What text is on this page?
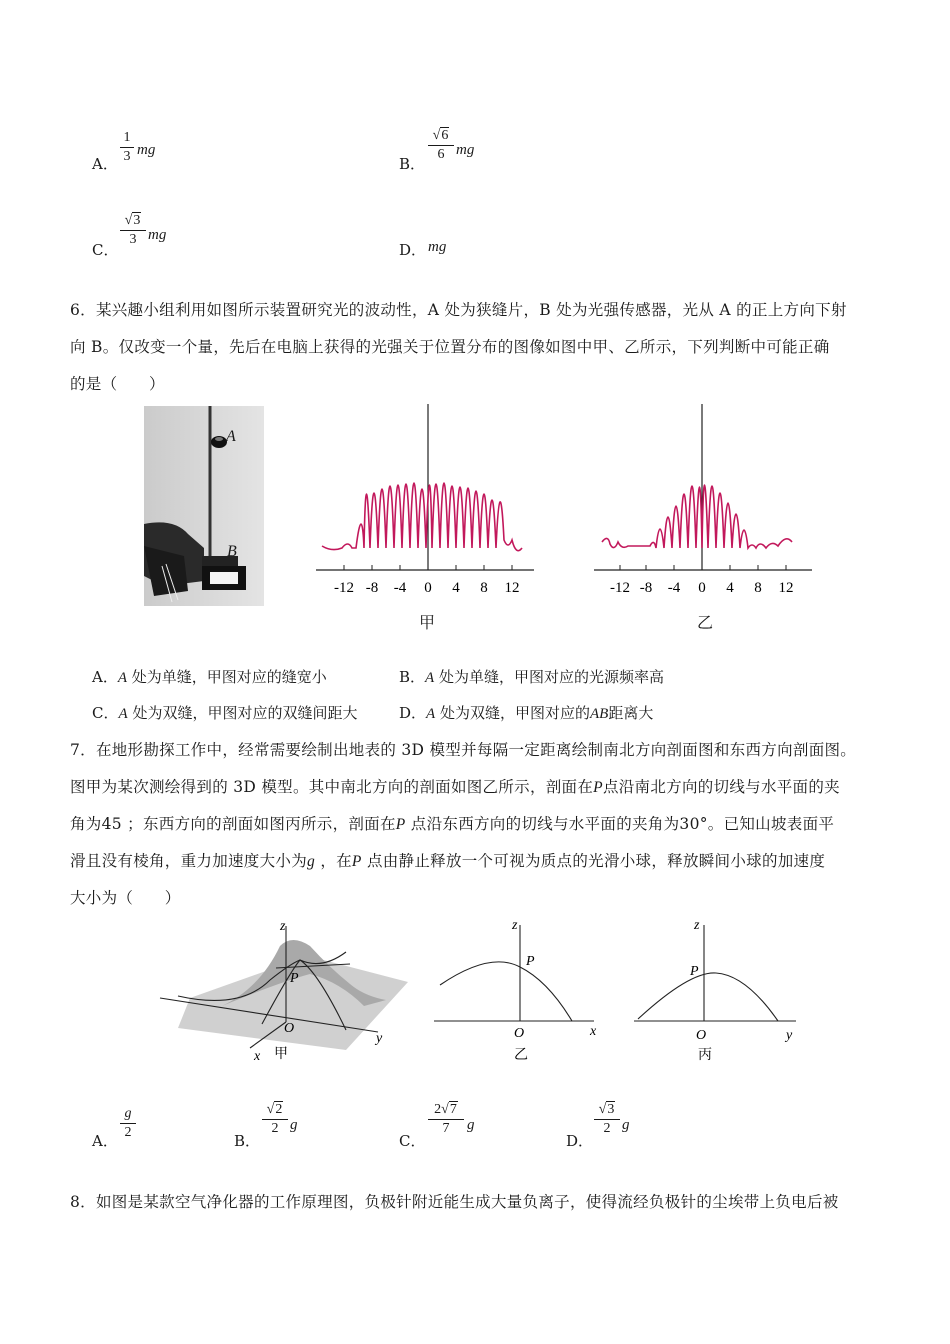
A．
1
3 mg
B．
√6
6 mg
C．
√3
3 mg
D． mg
6．某兴趣小组利用如图所示装置研究光的波动性，A 处为狭缝片，B 处为光强传感器，光从 A 的正上方向下射
向 B。仅改变一个量，先后在电脑上获得的光强关于位置分布的图像如图中甲、乙所示，下列判断中可能正确
的是（　　）
A
B
-12 -8 -4 0 4 8 12
甲
-12 -8 -4 0 4 8 12
乙
A．A 处为单缝，甲图对应的缝宽小	B．A 处为单缝，甲图对应的光源频率高
C．A 处为双缝，甲图对应的双缝间距大	D．A 处为双缝，甲图对应的AB距离大
7．在地形勘探工作中，经常需要绘制出地表的 3D 模型并每隔一定距离绘制南北方向剖面图和东西方向剖面图。
图甲为某次测绘得到的 3D 模型。其中南北方向的剖面如图乙所示，剖面在P点沿南北方向的切线与水平面的夹
角为45 ；东西方向的剖面如图丙所示，剖面在P 点沿东西方向的切线与水平面的夹角为30°。已知山坡表面平
滑且没有棱角，重力加速度大小为g ，在P 点由静止释放一个可视为质点的光滑小球，释放瞬间小球的加速度
大小为（　　）
z
P
O
y
x 甲
z
P
O	x
乙
z
P
O	y
丙
A．
g
2	B．
√2
2 g
C．
2√7
7	g
D．
√3
2 g
8．如图是某款空气净化器的工作原理图，负极针附近能生成大量负离子，使得流经负极针的尘埃带上负电后被
